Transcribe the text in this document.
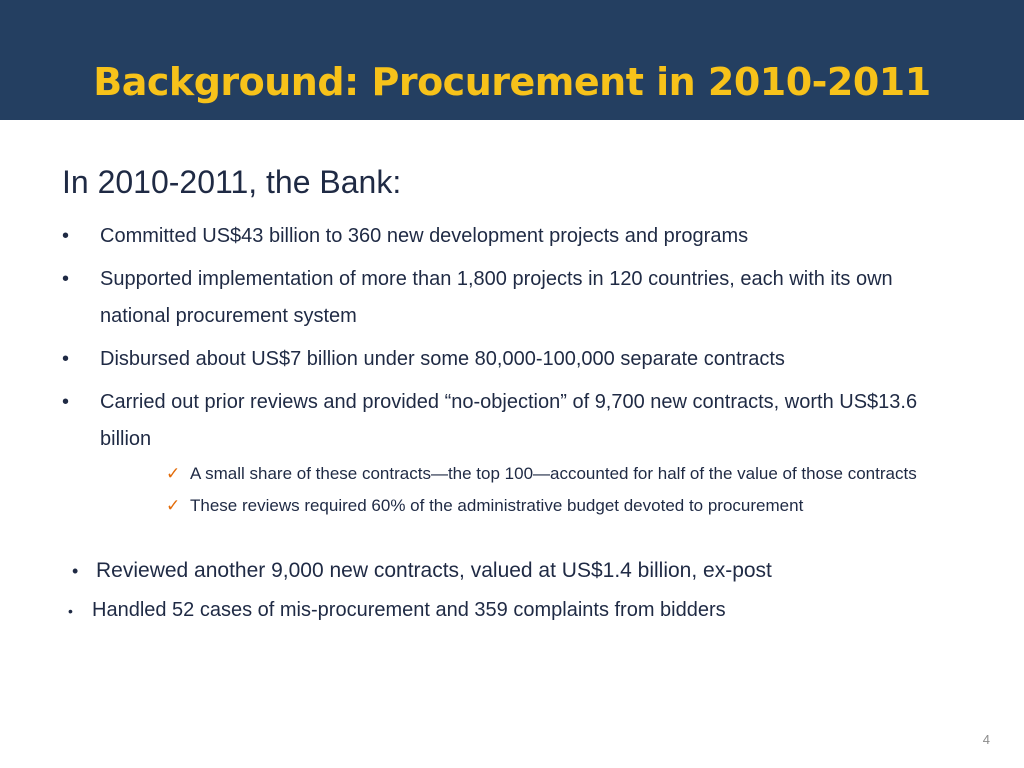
Background: Procurement in 2010-2011
In 2010-2011, the Bank:
• Committed US$43 billion to 360 new development projects and programs
• Supported implementation of more than 1,800 projects in 120 countries, each with its own national procurement system
• Disbursed about US$7 billion under some 80,000-100,000 separate contracts
• Carried out prior reviews and provided “no-objection” of 9,700 new contracts, worth US$13.6 billion
✓ A small share of these contracts—the top 100—accounted for half of the value of those contracts
✓ These reviews required 60% of the administrative budget devoted to procurement
• Reviewed another 9,000 new contracts, valued at US$1.4 billion, ex-post
• Handled 52 cases of mis-procurement and 359 complaints from bidders
4
